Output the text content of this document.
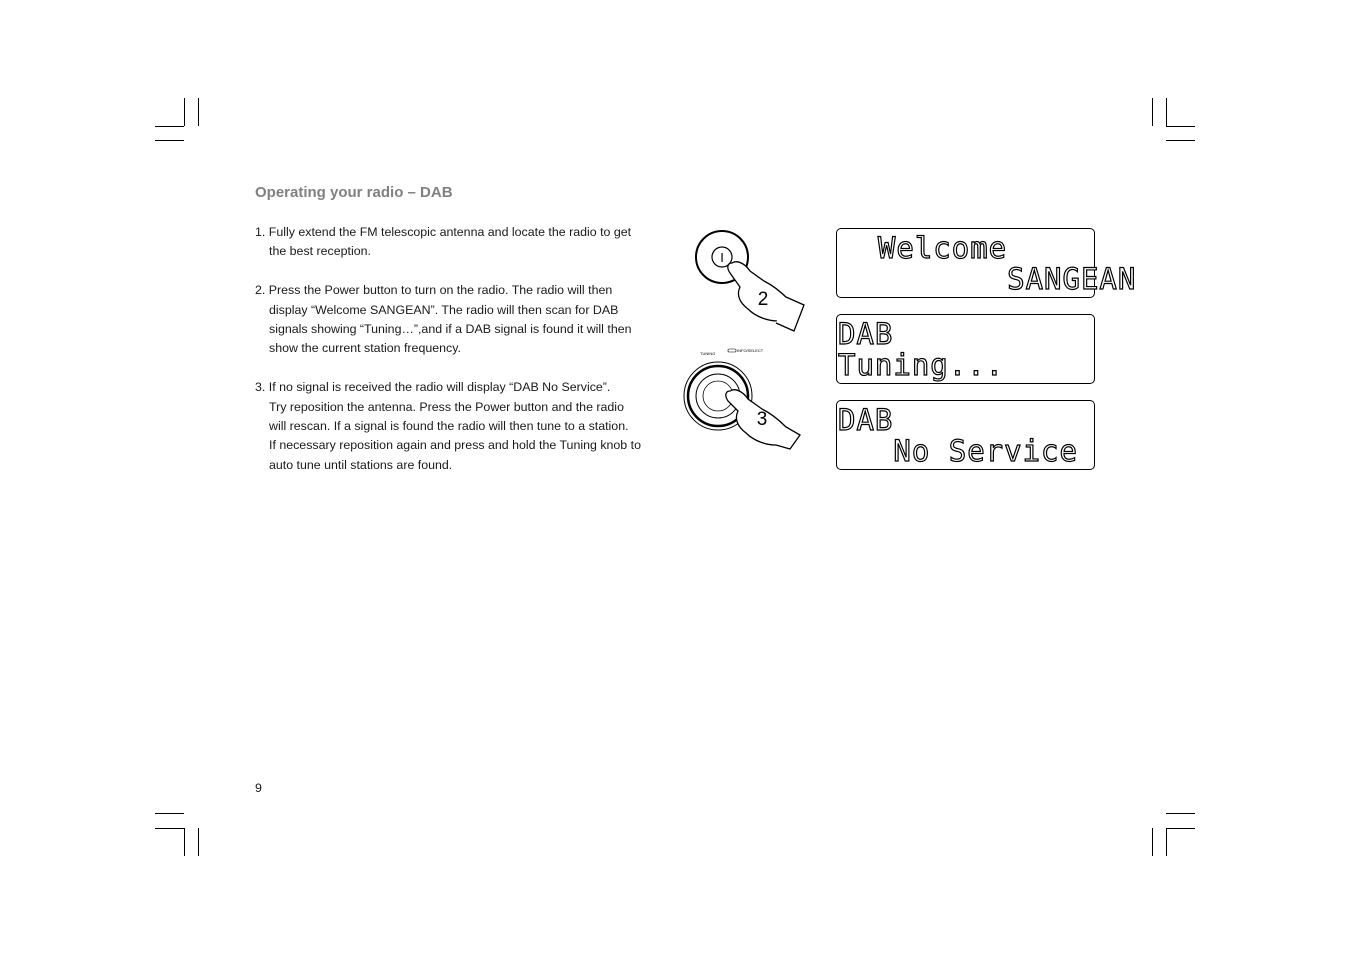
Operating your radio – DAB
1. Fully extend the FM telescopic antenna and locate the radio to get
the best reception.
2. Press the Power button to turn on the radio. The radio will then
display “Welcome SANGEAN”. The radio will then scan for DAB
signals showing “Tuning…”,and if a DAB signal is found it will then
show the current station frequency.
3. If no signal is received the radio will display “DAB No Service”.
Try reposition the antenna. Press the Power button and the radio
will rescan. If a signal is found the radio will then tune to a station.
If necessary reposition again and press and hold the Tuning knob to
auto tune until stations are found.
I
2
TUNING
INFO/SELECT
3
Welcome
SANGEAN
DAB
Tuning...
DAB
No Service
9
